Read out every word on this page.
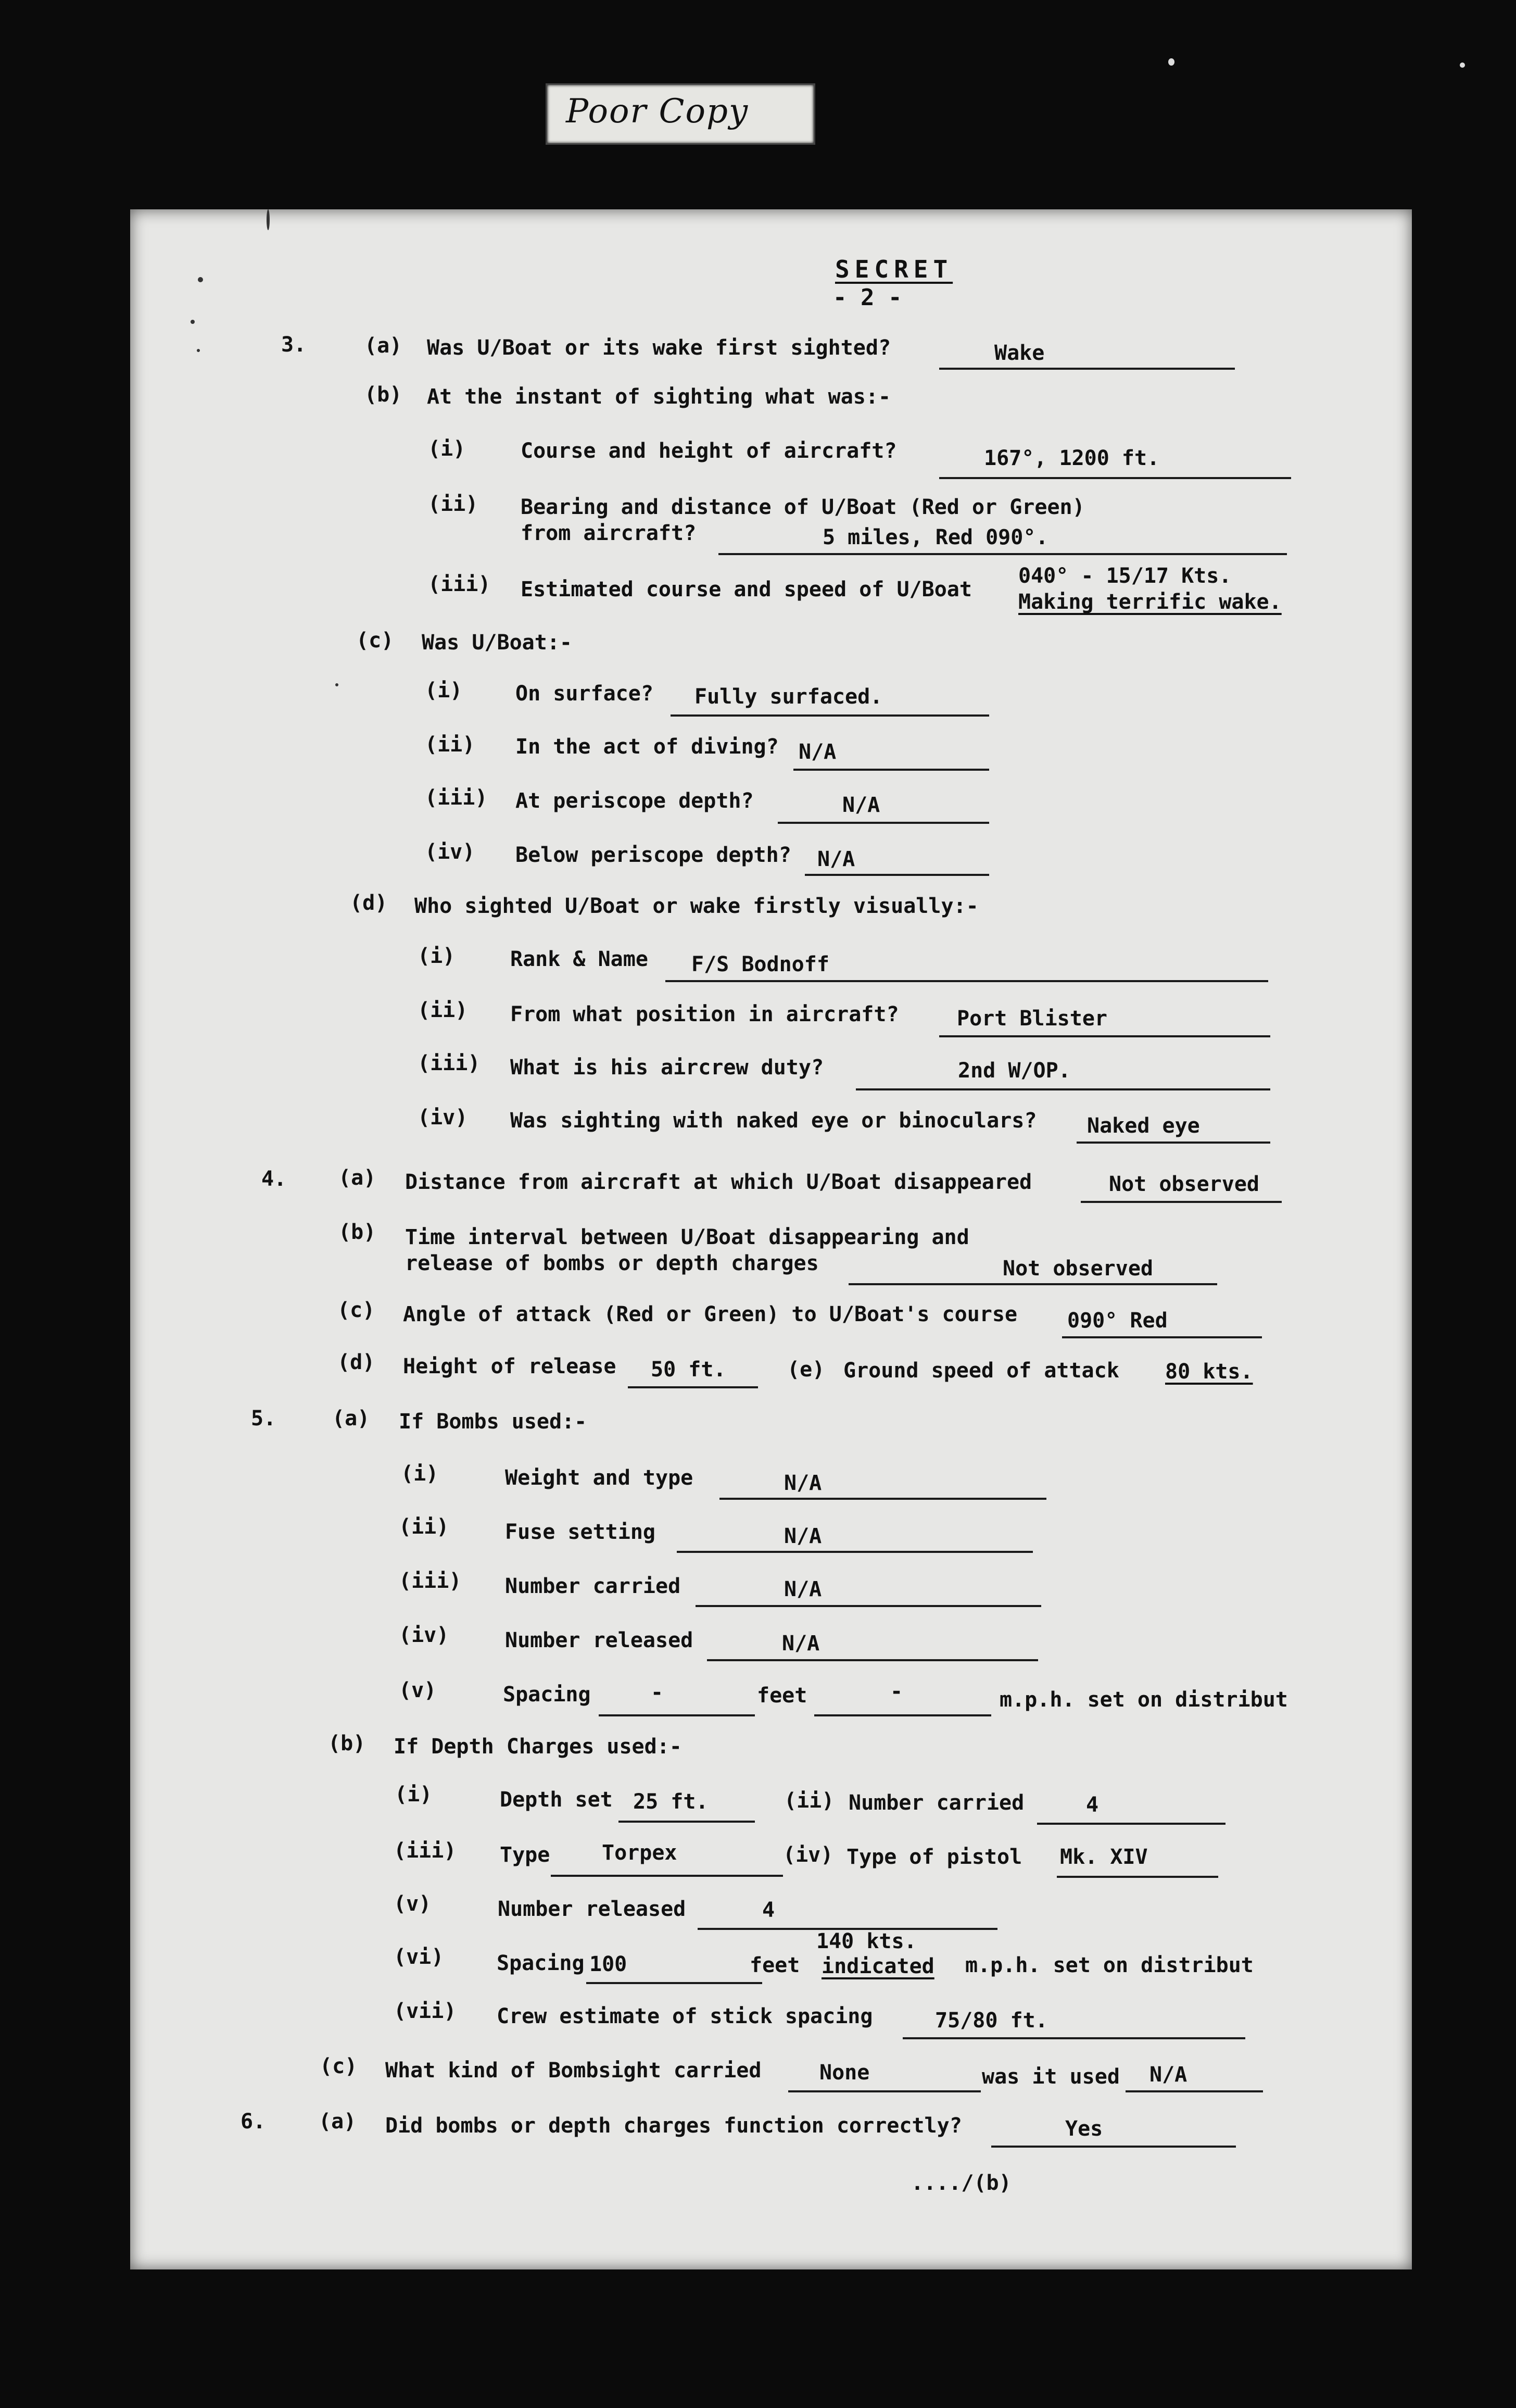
Poor Copy
- 2 -
SECRET
3.	(a) Was U/Boat or its wake first sighted?	Wake
(b) At the instant of sighting what was:-
(i)	Course and height of aircraft?	167°, 1200 ft.
(ii) Bearing and distance of U/Boat (Red or Green)
from aircraft?	5 miles, Red 090°.
(iii) Estimated course and speed of U/Boat
040° - 15/17 Kts.
Making terrific wake.
(c) Was U/Boat:-
(i)	On surface? Fully surfaced.
(ii) In the act of diving? N/A
(iii) At periscope depth?	N/A
(iv) Below periscope depth? N/A
(d) Who sighted U/Boat or wake firstly visually:-
(i)	Rank & Name F/S Bodnoff
(ii) From what position in aircraft?	Port Blister
(iii) What is his aircrew duty?	2nd W/OP.
(iv) Was sighting with naked eye or binoculars? Naked eye
4. (a) Distance from aircraft at which U/Boat disappeared	Not observed
(b) Time interval between U/Boat disappearing and
release of bombs or depth charges	Not observed
(c) Angle of attack (Red or Green) to U/Boat's course 090° Red
(d) Height of release 50 ft.	(e) Ground speed of attack 80 kts.
5.	(a) If Bombs used:-
(i)	Weight and type	N/A
(ii)	Fuse setting	N/A
(iii) Number carried	N/A
(iv)	Number released	N/A
(v)	Spacing	-	feet	-	m.p.h. set on distribut
(b) If Depth Charges used:-
(i)	Depth set 25 ft.	(ii) Number carried	4
(iii) Type Torpex	(iv) Type of pistol Mk. XIV
(v)	Number released	4
(vi)	Spacing 100	feet
140 kts.
indicated m.p.h. set on distribut
(vii) Crew estimate of stick spacing	75/80 ft.
(c) What kind of Bombsight carried	None	was it used N/A
6.	(a) Did bombs or depth charges function correctly?	Yes
..../(b)
